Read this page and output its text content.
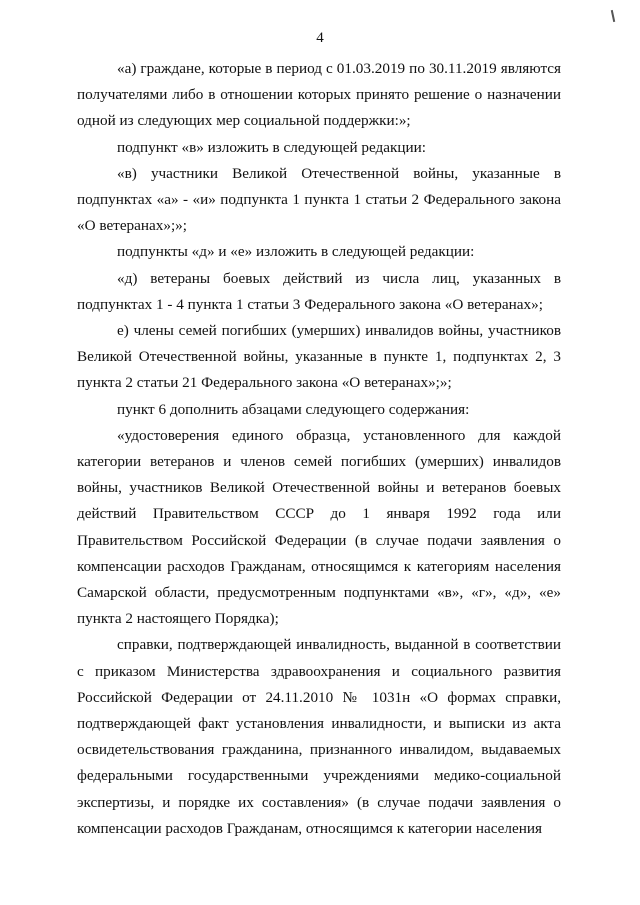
4

«а) граждане, которые в период с 01.03.2019 по 30.11.2019 являются получателями либо в отношении которых принято решение о назначении одной из следующих мер социальной поддержки:»;

подпункт «в» изложить в следующей редакции:

«в) участники Великой Отечественной войны, указанные в подпунктах «а» - «и» подпункта 1 пункта 1 статьи 2 Федерального закона «О ветеранах»;»;

подпункты «д» и «е» изложить в следующей редакции:

«д) ветераны боевых действий из числа лиц, указанных в подпунктах 1 - 4 пункта 1 статьи 3 Федерального закона «О ветеранах»;

е) члены семей погибших (умерших) инвалидов войны, участников Великой Отечественной войны, указанные в пункте 1, подпунктах 2, 3 пункта 2 статьи 21 Федерального закона «О ветеранах»;»;

пункт 6 дополнить абзацами следующего содержания:

«удостоверения единого образца, установленного для каждой категории ветеранов и членов семей погибших (умерших) инвалидов войны, участников Великой Отечественной войны и ветеранов боевых действий Правительством СССР до 1 января 1992 года или Правительством Российской Федерации (в случае подачи заявления о компенсации расходов Гражданам, относящимся к категориям населения Самарской области, предусмотренным подпунктами «в», «г», «д», «е» пункта 2 настоящего Порядка);

справки, подтверждающей инвалидность, выданной в соответствии с приказом Министерства здравоохранения и социального развития Российской Федерации от 24.11.2010 № 1031н «О формах справки, подтверждающей факт установления инвалидности, и выписки из акта освидетельствования гражданина, признанного инвалидом, выдаваемых федеральными государственными учреждениями медико-социальной экспертизы, и порядке их составления» (в случае подачи заявления о компенсации расходов Гражданам, относящимся к категории населения
